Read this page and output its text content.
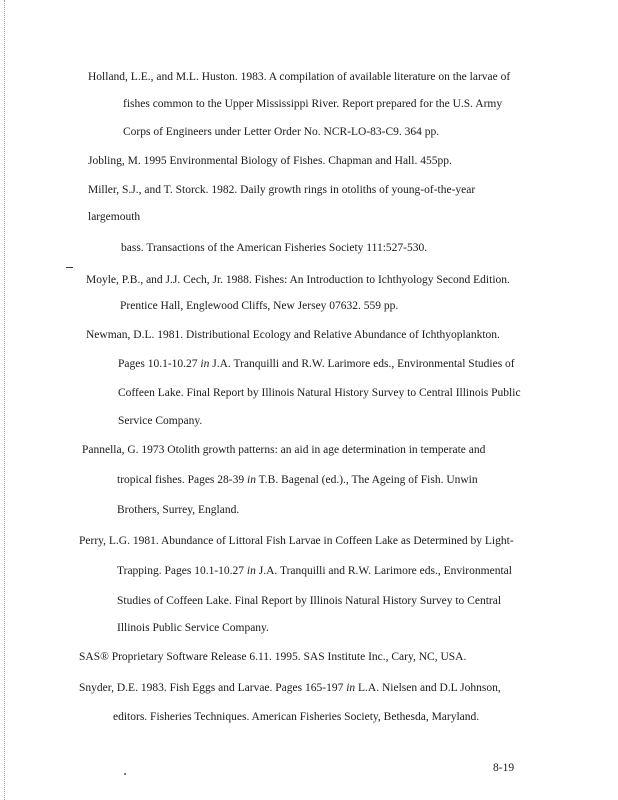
Holland, L.E., and M.L. Huston. 1983. A compilation of available literature on the larvae of
fishes common to the Upper Mississippi River. Report prepared for the U.S. Army
Corps of Engineers under Letter Order No. NCR-LO-83-C9. 364 pp.
Jobling, M. 1995 Environmental Biology of Fishes. Chapman and Hall. 455pp.
Miller, S.J., and T. Storck. 1982. Daily growth rings in otoliths of young-of-the-year
largemouth
bass. Transactions of the American Fisheries Society 111:527-530.
Moyle, P.B., and J.J. Cech, Jr. 1988. Fishes: An Introduction to Ichthyology Second Edition.
Prentice Hall, Englewood Cliffs, New Jersey 07632. 559 pp.
Newman, D.L. 1981. Distributional Ecology and Relative Abundance of Ichthyoplankton.
Pages 10.1-10.27 in J.A. Tranquilli and R.W. Larimore eds., Environmental Studies of
Coffeen Lake. Final Report by Illinois Natural History Survey to Central Illinois Public
Service Company.
Pannella, G. 1973 Otolith growth patterns: an aid in age determination in temperate and
tropical fishes. Pages 28-39 in T.B. Bagenal (ed.)., The Ageing of Fish. Unwin
Brothers, Surrey, England.
Perry, L.G. 1981. Abundance of Littoral Fish Larvae in Coffeen Lake as Determined by Light-
Trapping. Pages 10.1-10.27 in J.A. Tranquilli and R.W. Larimore eds., Environmental
Studies of Coffeen Lake. Final Report by Illinois Natural History Survey to Central
Illinois Public Service Company.
SAS® Proprietary Software Release 6.11. 1995. SAS Institute Inc., Cary, NC, USA.
Snyder, D.E. 1983. Fish Eggs and Larvae. Pages 165-197 in L.A. Nielsen and D.L Johnson,
editors. Fisheries Techniques. American Fisheries Society, Bethesda, Maryland.
8-19
